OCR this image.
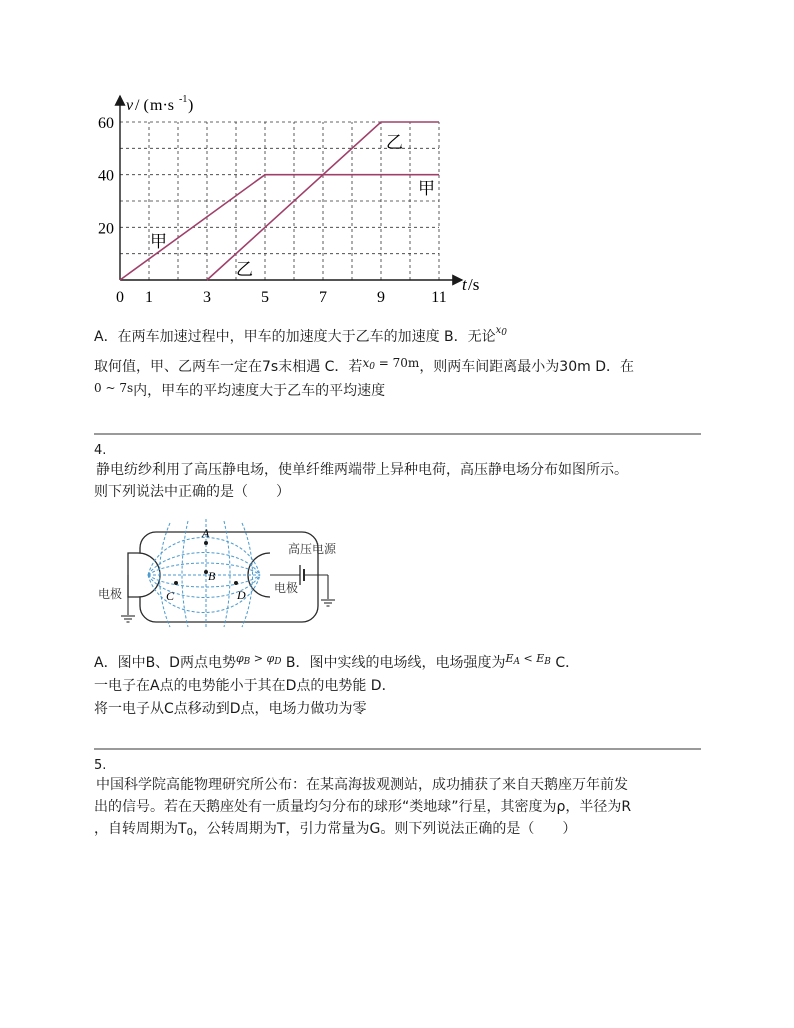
0 1	3	5	7	9	11
20
40
60
v / ( m·s -1 )
t /s
乙
甲
甲
乙
A．在两车加速过程中，甲车的加速度大于乙车的加速度 B．无论$^{x0}$
取何值，甲、乙两车一定在7s末相遇 C．若$x_0 = 70m$，则两车间距离最小为30m D．在
0 ~ 7s内，甲车的平均速度大于乙车的平均速度
4.
静电纺纱利用了高压静电场，使单纤维两端带上异种电荷，高压静电场分布如图所示。
则下列说法中正确的是（　　）
A
B
C	D
高压电源
电极	电极
A．图中B、D两点电势$^{\varphi_B > \varphi_D}$ B．图中实线的电场线，电场强度为$^{E_A < E_B}$ C．
一电子在A点的电势能小于其在D点的电势能 D．
将一电子从C点移动到D点，电场力做功为零
5.
中国科学院高能物理研究所公布：在某高海拔观测站，成功捕获了来自天鹅座万年前发
出的信号。若在天鹅座处有一质量均匀分布的球形“类地球”行星，其密度为ρ，半径为R
，自转周期为$T_0$，公转周期为T，引力常量为G。则下列说法正确的是（　　）
